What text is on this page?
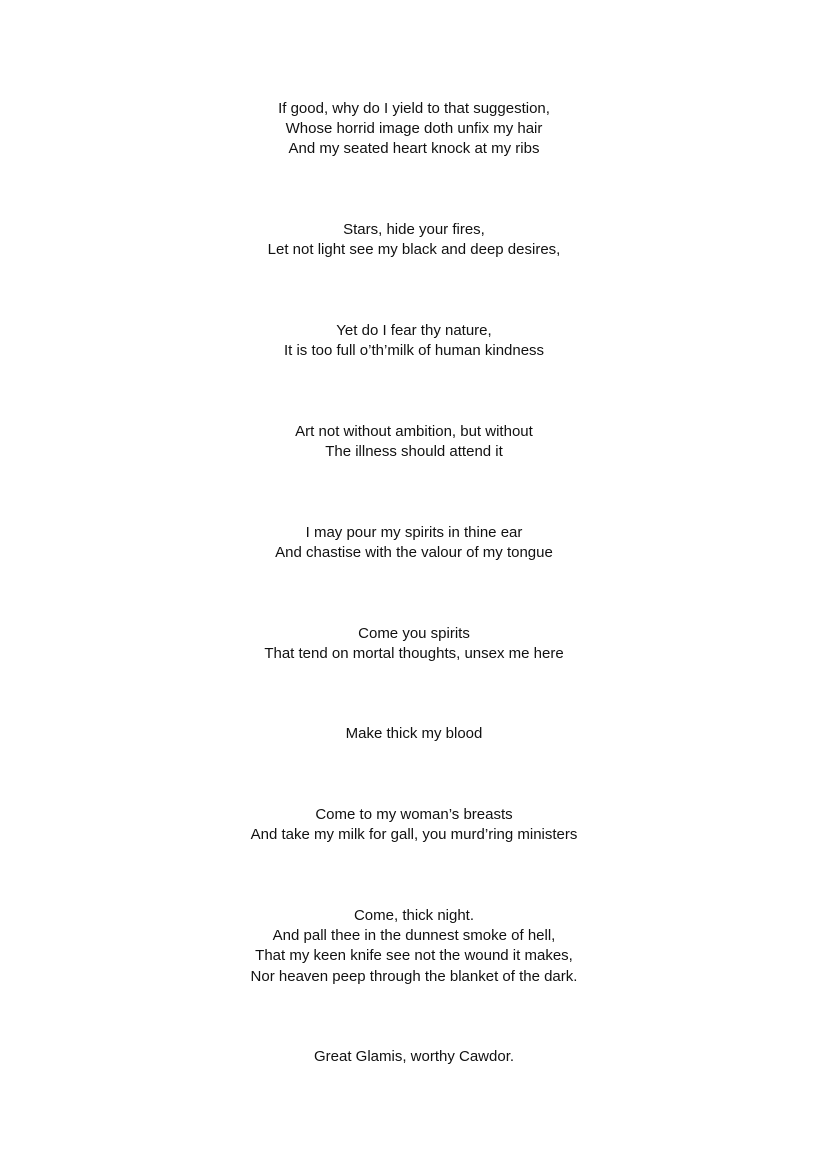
If good, why do I yield to that suggestion,
Whose horrid image doth unfix my hair
And my seated heart knock at my ribs
Stars, hide your fires,
Let not light see my black and deep desires,
Yet do I fear thy nature,
It is too full o’th’milk of human kindness
Art not without ambition, but without
The illness should attend it
I may pour my spirits in thine ear
And chastise with the valour of my tongue
Come you spirits
That tend on mortal thoughts, unsex me here
Make thick my blood
Come to my woman’s breasts
And take my milk for gall, you murd’ring ministers
Come, thick night.
And pall thee in the dunnest smoke of hell,
That my keen knife see not the wound it makes,
Nor heaven peep through the blanket of the dark.
Great Glamis, worthy Cawdor.
